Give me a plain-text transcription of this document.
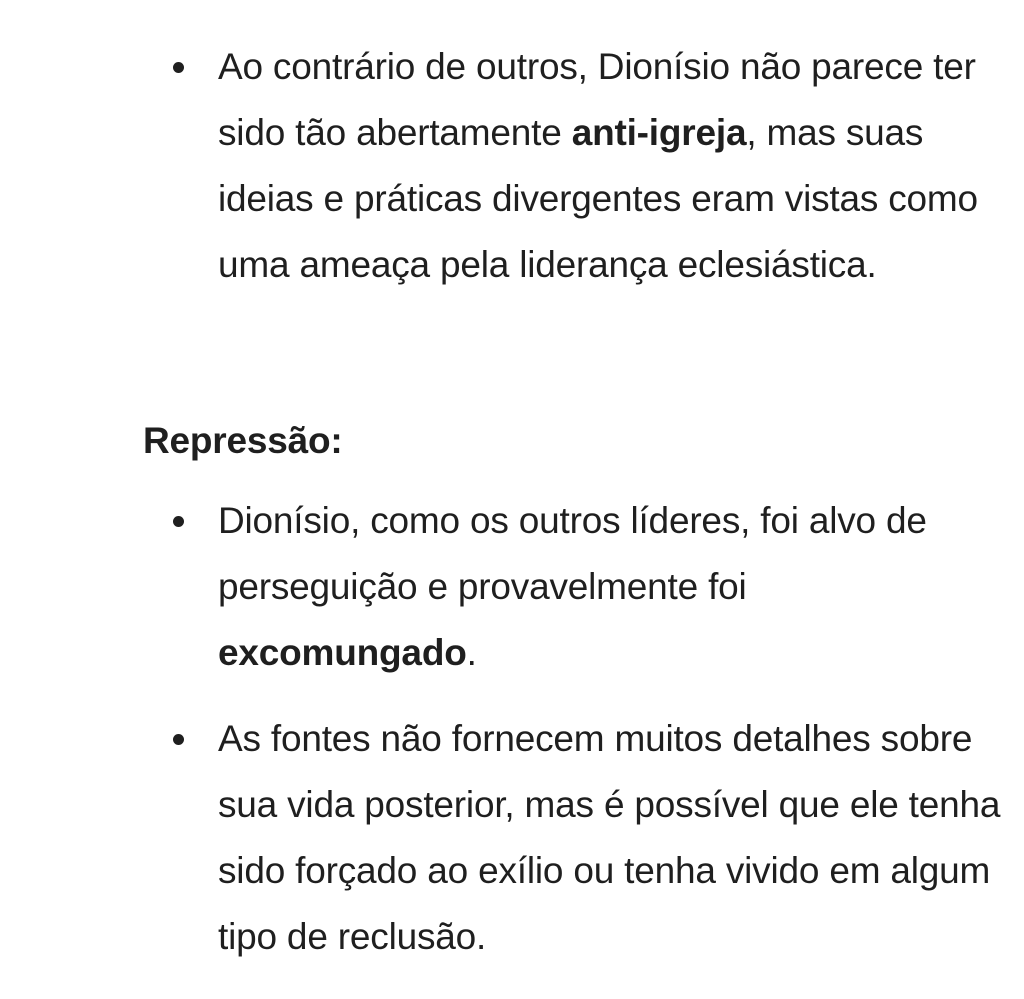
Ao contrário de outros, Dionísio não parece ter sido tão abertamente anti-igreja, mas suas ideias e práticas divergentes eram vistas como uma ameaça pela liderança eclesiástica.
Repressão:
Dionísio, como os outros líderes, foi alvo de perseguição e provavelmente foi excomungado.
As fontes não fornecem muitos detalhes sobre sua vida posterior, mas é possível que ele tenha sido forçado ao exílio ou tenha vivido em algum tipo de reclusão.
